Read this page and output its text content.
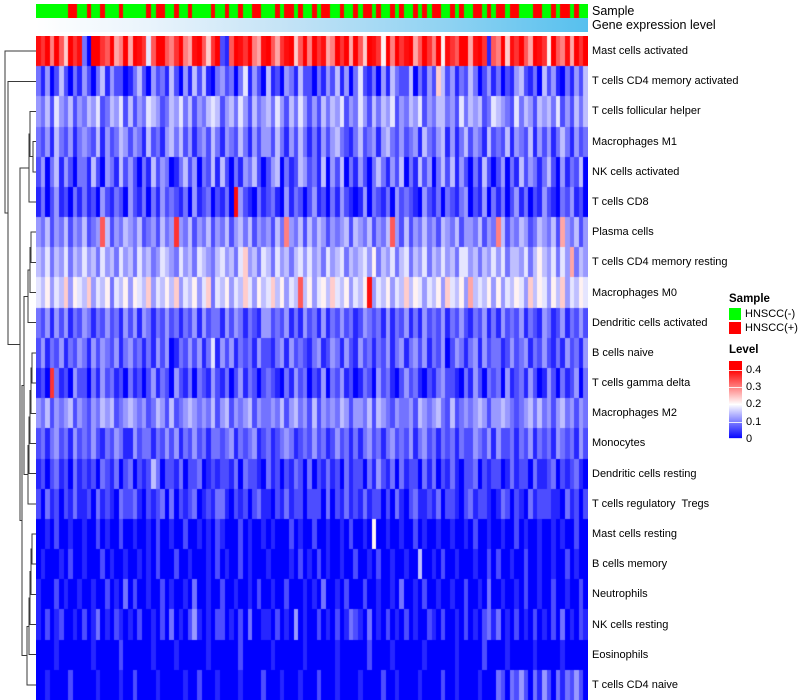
Sample
Gene expression level
Mast cells activated
T cells CD4 memory activated
T cells follicular helper
Macrophages M1
NK cells activated
T cells CD8
Plasma cells
T cells CD4 memory resting
Macrophages M0
Dendritic cells activated
B cells naive
T cells gamma delta
Macrophages M2
Monocytes
Dendritic cells resting
T cells regulatory  Tregs
Mast cells resting
B cells memory
Neutrophils
NK cells resting
Eosinophils
T cells CD4 naive
Sample
HNSCC(-)
HNSCC(+)
Level
0.4
0.3
0.2
0.1
0
